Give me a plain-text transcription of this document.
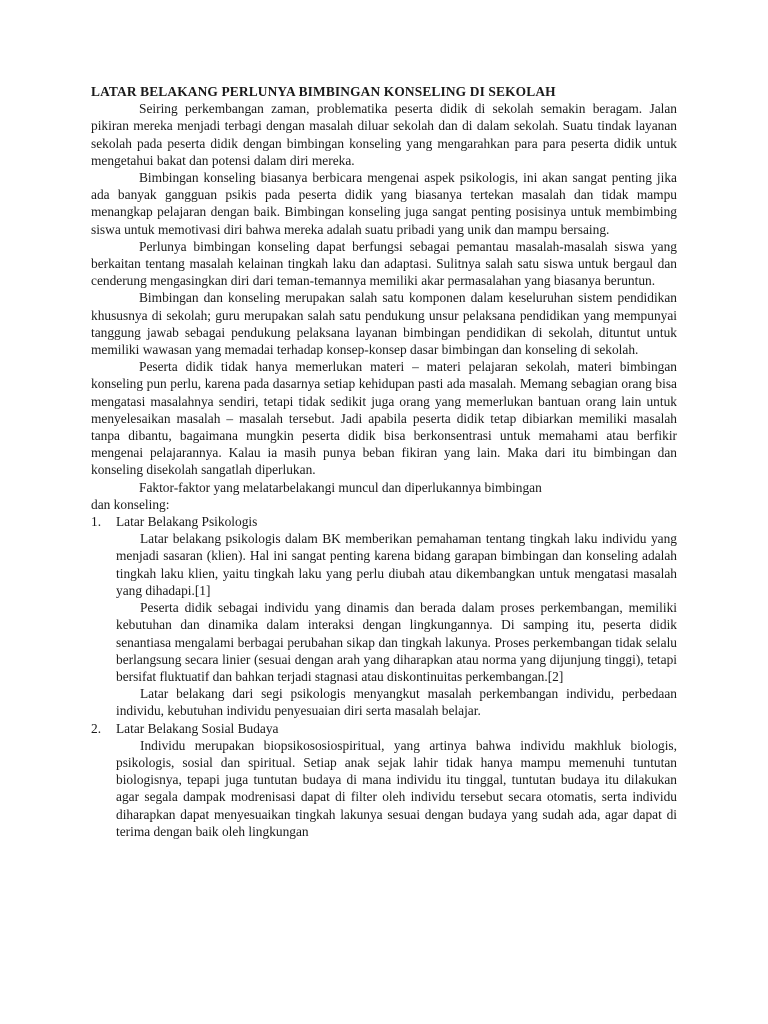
LATAR BELAKANG PERLUNYA BIMBINGAN KONSELING DI SEKOLAH

Seiring perkembangan zaman, problematika peserta didik di sekolah semakin beragam. Jalan pikiran mereka menjadi terbagi dengan masalah diluar sekolah dan di dalam sekolah. Suatu tindak layanan sekolah pada peserta didik dengan bimbingan konseling yang mengarahkan para para peserta didik untuk mengetahui bakat dan potensi dalam diri mereka.

Bimbingan konseling biasanya berbicara mengenai aspek psikologis, ini akan sangat penting jika ada banyak gangguan psikis pada peserta didik yang biasanya tertekan masalah dan tidak mampu menangkap pelajaran dengan baik. Bimbingan konseling juga sangat penting posisinya untuk membimbing siswa untuk memotivasi diri bahwa mereka adalah suatu pribadi yang unik dan mampu bersaing.

Perlunya bimbingan konseling dapat berfungsi sebagai pemantau masalah-masalah siswa yang berkaitan tentang masalah kelainan tingkah laku dan adaptasi. Sulitnya salah satu siswa untuk bergaul dan cenderung mengasingkan diri dari teman-temannya memiliki akar permasalahan yang biasanya beruntun.

Bimbingan dan konseling merupakan salah satu komponen dalam keseluruhan sistem pendidikan khususnya di sekolah; guru merupakan salah satu pendukung unsur pelaksana pendidikan yang mempunyai tanggung jawab sebagai pendukung pelaksana layanan bimbingan pendidikan di sekolah, dituntut untuk memiliki wawasan yang memadai terhadap konsep-konsep dasar bimbingan dan konseling di sekolah.

Peserta didik tidak hanya memerlukan materi – materi pelajaran sekolah, materi bimbingan konseling pun perlu, karena pada dasarnya setiap kehidupan pasti ada masalah. Memang sebagian orang bisa mengatasi masalahnya sendiri, tetapi tidak sedikit juga orang yang memerlukan bantuan orang lain untuk menyelesaikan masalah – masalah tersebut. Jadi apabila peserta didik tetap dibiarkan memiliki masalah tanpa dibantu, bagaimana mungkin peserta didik bisa berkonsentrasi untuk memahami atau berfikir mengenai pelajarannya. Kalau ia masih punya beban fikiran yang lain. Maka dari itu bimbingan dan konseling disekolah sangatlah diperlukan.

Faktor-faktor yang melatarbelakangi muncul dan diperlukannya bimbingan

dan konseling:

1. Latar Belakang Psikologis

Latar belakang psikologis dalam BK memberikan pemahaman tentang tingkah laku individu yang menjadi sasaran (klien). Hal ini sangat penting karena bidang garapan bimbingan dan konseling adalah tingkah laku klien, yaitu tingkah laku yang perlu diubah atau dikembangkan untuk mengatasi masalah yang dihadapi.[1]

Peserta didik sebagai individu yang dinamis dan berada dalam proses perkembangan, memiliki kebutuhan dan dinamika dalam interaksi dengan lingkungannya. Di samping itu, peserta didik senantiasa mengalami berbagai perubahan sikap dan tingkah lakunya. Proses perkembangan tidak selalu berlangsung secara linier (sesuai dengan arah yang diharapkan atau norma yang dijunjung tinggi), tetapi bersifat fluktuatif dan bahkan terjadi stagnasi atau diskontinuitas perkembangan.[2]

Latar belakang dari segi psikologis menyangkut masalah perkembangan individu, perbedaan individu, kebutuhan individu penyesuaian diri serta masalah belajar.

2. Latar Belakang Sosial Budaya

Individu merupakan biopsikososiospiritual, yang artinya bahwa individu makhluk biologis, psikologis, sosial dan spiritual. Setiap anak sejak lahir tidak hanya mampu memenuhi tuntutan biologisnya, tepapi juga tuntutan budaya di mana individu itu tinggal, tuntutan budaya itu dilakukan agar segala dampak modrenisasi dapat di filter oleh individu tersebut secara otomatis, serta individu diharapkan dapat menyesuaikan tingkah lakunya sesuai dengan budaya yang sudah ada, agar dapat di terima dengan baik oleh lingkungan
